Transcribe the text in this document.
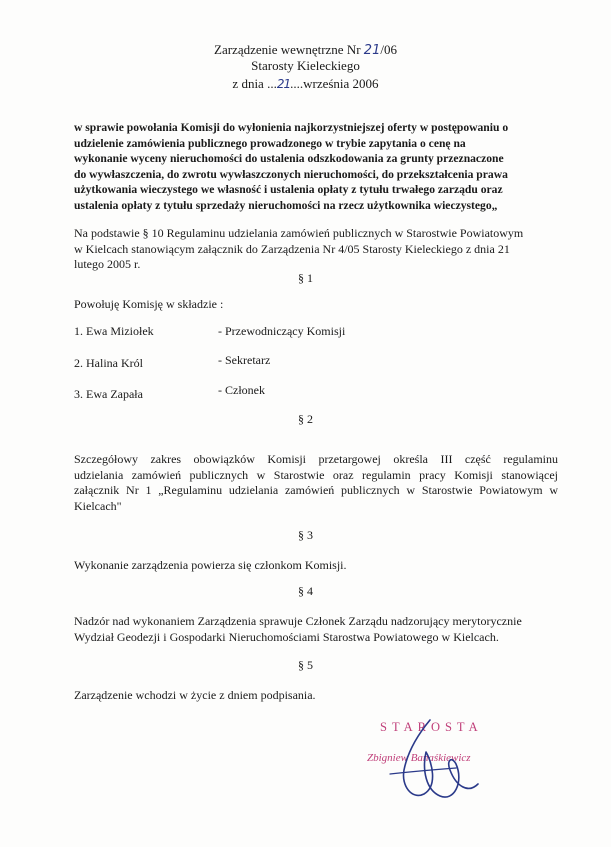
Zarządzenie wewnętrzne Nr 21/06
Starosty Kieleckiego
z dnia ...21....września 2006
w sprawie powołania Komisji do wyłonienia najkorzystniejszej oferty w postępowaniu o
udzielenie zamówienia publicznego prowadzonego w trybie zapytania o cenę na
wykonanie wyceny nieruchomości do ustalenia odszkodowania za grunty przeznaczone
do wywłaszczenia, do zwrotu wywłaszczonych nieruchomości, do przekształcenia prawa
użytkowania wieczystego we własność i ustalenia opłaty z tytułu trwałego zarządu oraz
ustalenia opłaty z tytułu sprzedaży nieruchomości na rzecz użytkownika wieczystego„
Na podstawie § 10 Regulaminu udzielania zamówień publicznych w Starostwie Powiatowym
w Kielcach stanowiącym załącznik do Zarządzenia Nr 4/05 Starosty Kieleckiego z dnia 21
lutego 2005 r.
§ 1
Powołuję Komisję w składzie :
1. Ewa Miziołek	- Przewodniczący Komisji
2. Halina Król	- Sekretarz
3. Ewa Zapała	- Członek
§ 2
Szczegółowy zakres obowiązków Komisji przetargowej określa III część regulaminu
udzielania zamówień publicznych w Starostwie oraz regulamin pracy Komisji stanowiącej
załącznik Nr 1 „Regulaminu udzielania zamówień publicznych w Starostwie Powiatowym w
Kielcach"
§ 3
Wykonanie zarządzenia powierza się członkom Komisji.
§ 4
Nadzór nad wykonaniem Zarządzenia sprawuje Członek Zarządu nadzorujący merytorycznie
Wydział Geodezji i Gospodarki Nieruchomościami Starostwa Powiatowego w Kielcach.
§ 5
Zarządzenie wchodzi w życie z dniem podpisania.
STAROSTA
Zbigniew Banaśkiewicz
